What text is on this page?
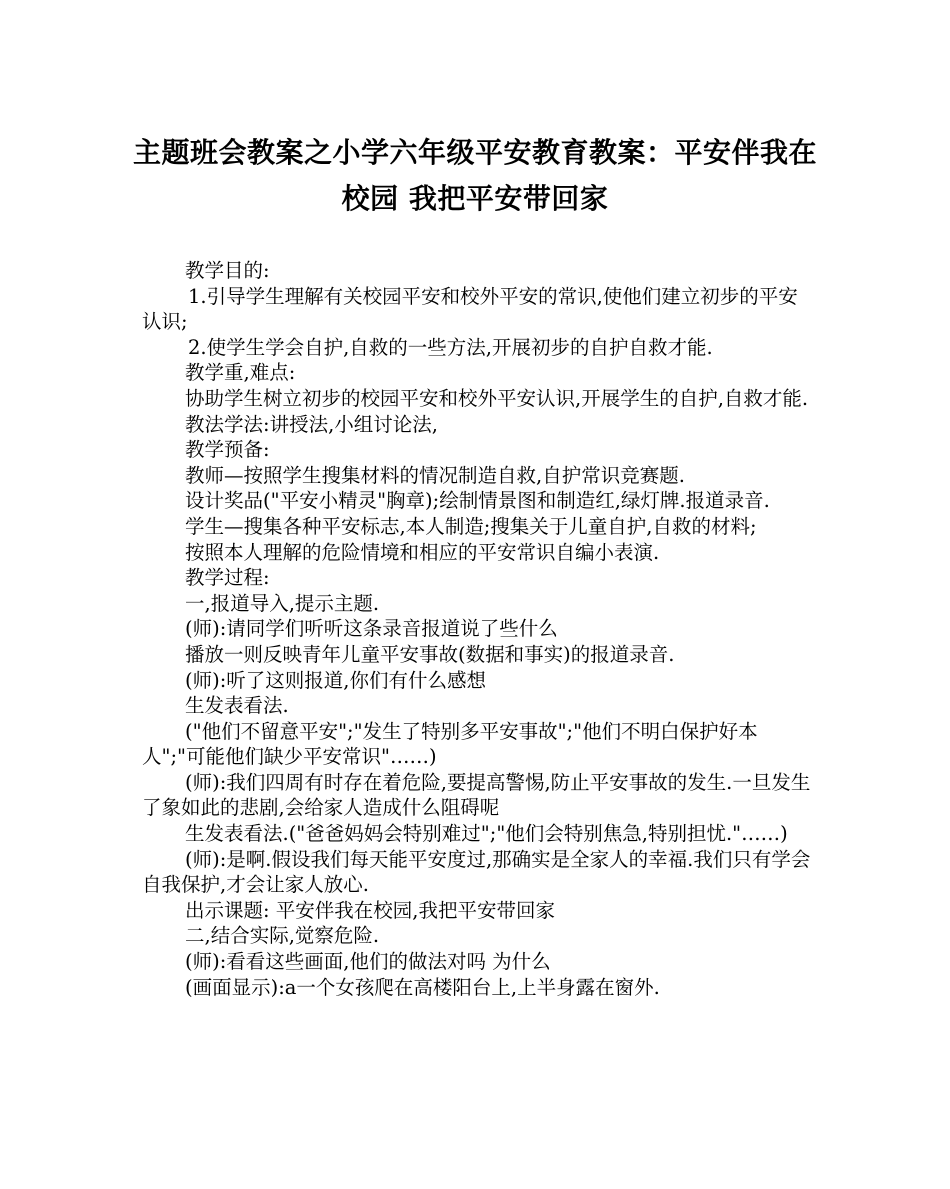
主题班会教案之小学六年级平安教育教案：平安伴我在校园 我把平安带回家

教学目的:

1.引导学生理解有关校园平安和校外平安的常识,使他们建立初步的平安认识;

2.使学生学会自护,自救的一些方法,开展初步的自护自救才能.

教学重,难点:

协助学生树立初步的校园平安和校外平安认识,开展学生的自护,自救才能.

教法学法:讲授法,小组讨论法,

教学预备:

教师—按照学生搜集材料的情况制造自救,自护常识竞赛题.

设计奖品("平安小精灵"胸章);绘制情景图和制造红,绿灯牌.报道录音.

学生—搜集各种平安标志,本人制造;搜集关于儿童自护,自救的材料;

按照本人理解的危险情境和相应的平安常识自编小表演.

教学过程:

一,报道导入,提示主题.

(师):请同学们听听这条录音报道说了些什么

播放一则反映青年儿童平安事故(数据和事实)的报道录音.

(师):听了这则报道,你们有什么感想

生发表看法.

("他们不留意平安";"发生了特别多平安事故";"他们不明白保护好本人";"可能他们缺少平安常识"……)

(师):我们四周有时存在着危险,要提高警惕,防止平安事故的发生.一旦发生了象如此的悲剧,会给家人造成什么阻碍呢

生发表看法.("爸爸妈妈会特别难过";"他们会特别焦急,特别担忧."……)

(师):是啊.假设我们每天能平安度过,那确实是全家人的幸福.我们只有学会自我保护,才会让家人放心.

出示课题: 平安伴我在校园,我把平安带回家

二,结合实际,觉察危险.

(师):看看这些画面,他们的做法对吗 为什么

(画面显示):a一个女孩爬在高楼阳台上,上半身露在窗外.
